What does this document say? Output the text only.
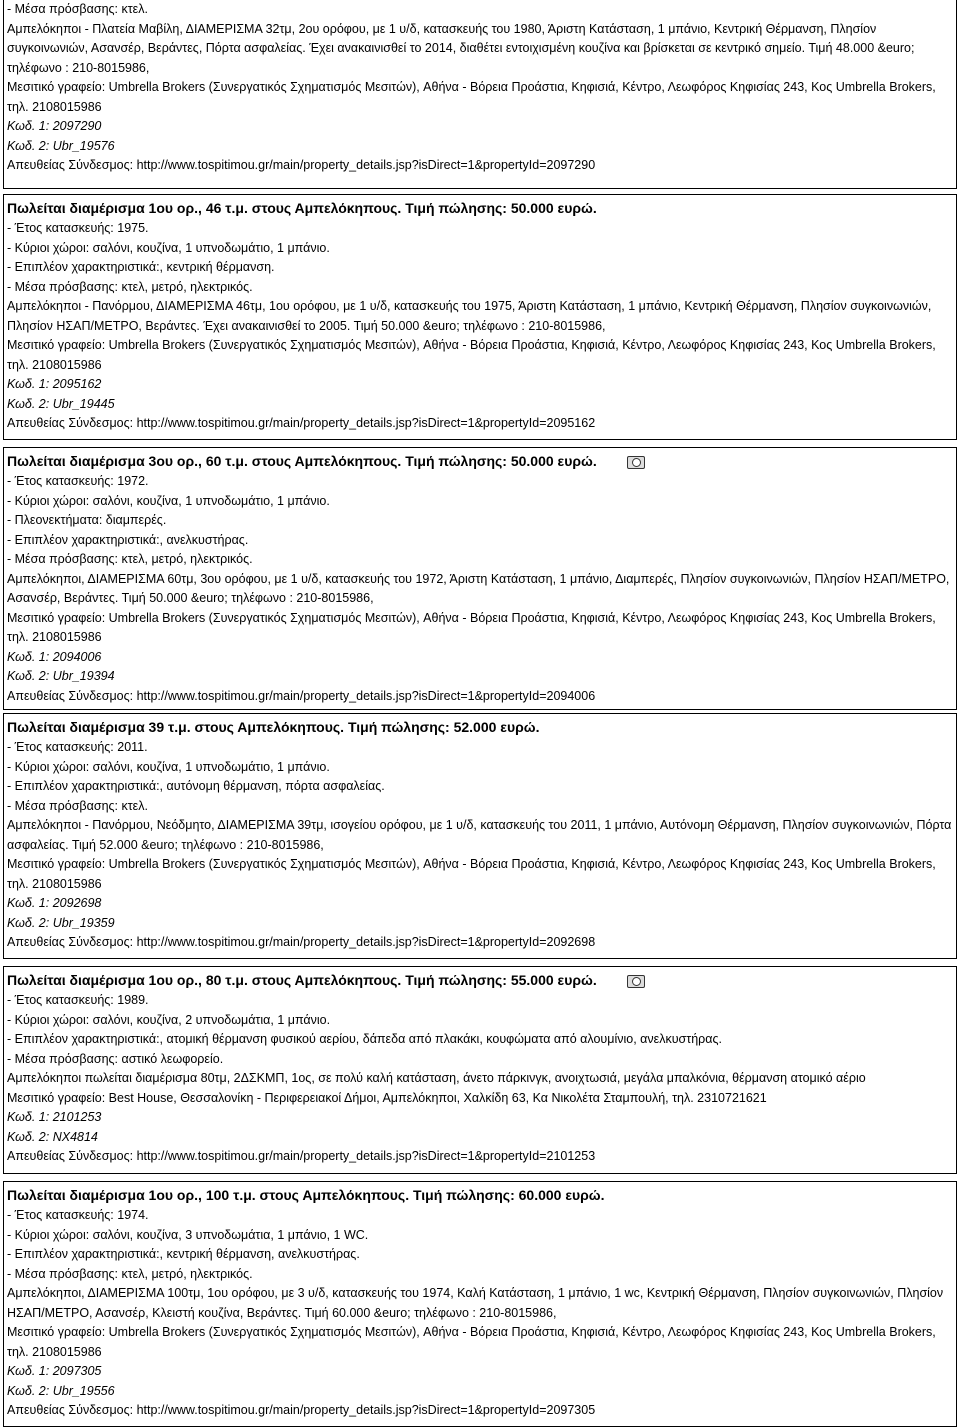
- Μέσα πρόσβασης: κτελ.
Αμπελόκηποι - Πλατεία Μαβίλη, ΔΙΑΜΕΡΙΣΜΑ 32τμ, 2ου ορόφου, με 1 υ/δ, κατασκευής του 1980, Άριστη Κατάσταση, 1 μπάνιο, Κεντρική Θέρμανση, Πλησίον συγκοινωνιών, Ασανσέρ, Βεράντες, Πόρτα ασφαλείας. Έχει ανακαινισθεί το 2014, διαθέτει εντοιχισμένη κουζίνα και βρίσκεται σε κεντρικό σημείο. Τιμή 48.000 &euro; τηλέφωνο : 210-8015986,
Μεσιτικό γραφείο: Umbrella Brokers (Συνεργατικός Σχηματισμός Μεσιτών), Αθήνα - Βόρεια Προάστια, Κηφισιά, Κέντρο, Λεωφόρος Κηφισίας 243, Κος Umbrella Brokers, τηλ. 2108015986
Κωδ. 1: 2097290
Κωδ. 2: Ubr_19576
Απευθείας Σύνδεσμος: http://www.tospitimou.gr/main/property_details.jsp?isDirect=1&propertyId=2097290
Πωλείται διαμέρισμα 1ου ορ., 46 τ.μ. στους Αμπελόκηπους. Τιμή πώλησης: 50.000 ευρώ.
- Έτος κατασκευής: 1975.
- Κύριοι χώροι: σαλόνι, κουζίνα, 1 υπνοδωμάτιο, 1 μπάνιο.
- Επιπλέον χαρακτηριστικά:, κεντρική θέρμανση.
- Μέσα πρόσβασης: κτελ, μετρό, ηλεκτρικός.
Αμπελόκηποι - Πανόρμου, ΔΙΑΜΕΡΙΣΜΑ 46τμ, 1ου ορόφου, με 1 υ/δ, κατασκευής του 1975, Άριστη Κατάσταση, 1 μπάνιο, Κεντρική Θέρμανση, Πλησίον συγκοινωνιών, Πλησίον ΗΣΑΠ/ΜΕΤΡΟ, Βεράντες. Έχει ανακαινισθεί το 2005. Τιμή 50.000 &euro; τηλέφωνο : 210-8015986,
Μεσιτικό γραφείο: Umbrella Brokers (Συνεργατικός Σχηματισμός Μεσιτών), Αθήνα - Βόρεια Προάστια, Κηφισιά, Κέντρο, Λεωφόρος Κηφισίας 243, Κος Umbrella Brokers, τηλ. 2108015986
Κωδ. 1: 2095162
Κωδ. 2: Ubr_19445
Απευθείας Σύνδεσμος: http://www.tospitimou.gr/main/property_details.jsp?isDirect=1&propertyId=2095162
Πωλείται διαμέρισμα 3ου ορ., 60 τ.μ. στους Αμπελόκηπους. Τιμή πώλησης: 50.000 ευρώ.
- Έτος κατασκευής: 1972.
- Κύριοι χώροι: σαλόνι, κουζίνα, 1 υπνοδωμάτιο, 1 μπάνιο.
- Πλεονεκτήματα: διαμπερές.
- Επιπλέον χαρακτηριστικά:, ανελκυστήρας.
- Μέσα πρόσβασης: κτελ, μετρό, ηλεκτρικός.
Αμπελόκηποι, ΔΙΑΜΕΡΙΣΜΑ 60τμ, 3ου ορόφου, με 1 υ/δ, κατασκευής του 1972, Άριστη Κατάσταση, 1 μπάνιο, Διαμπερές, Πλησίον συγκοινωνιών, Πλησίον ΗΣΑΠ/ΜΕΤΡΟ, Ασανσέρ, Βεράντες. Τιμή 50.000 &euro; τηλέφωνο : 210-8015986,
Μεσιτικό γραφείο: Umbrella Brokers (Συνεργατικός Σχηματισμός Μεσιτών), Αθήνα - Βόρεια Προάστια, Κηφισιά, Κέντρο, Λεωφόρος Κηφισίας 243, Κος Umbrella Brokers, τηλ. 2108015986
Κωδ. 1: 2094006
Κωδ. 2: Ubr_19394
Απευθείας Σύνδεσμος: http://www.tospitimou.gr/main/property_details.jsp?isDirect=1&propertyId=2094006
Πωλείται διαμέρισμα 39 τ.μ. στους Αμπελόκηπους. Τιμή πώλησης: 52.000 ευρώ.
- Έτος κατασκευής: 2011.
- Κύριοι χώροι: σαλόνι, κουζίνα, 1 υπνοδωμάτιο, 1 μπάνιο.
- Επιπλέον χαρακτηριστικά:, αυτόνομη θέρμανση, πόρτα ασφαλείας.
- Μέσα πρόσβασης: κτελ.
Αμπελόκηποι - Πανόρμου, Νεόδμητο, ΔΙΑΜΕΡΙΣΜΑ 39τμ, ισογείου ορόφου, με 1 υ/δ, κατασκευής του 2011, 1 μπάνιο, Αυτόνομη Θέρμανση, Πλησίον συγκοινωνιών, Πόρτα ασφαλείας. Τιμή 52.000 &euro; τηλέφωνο : 210-8015986,
Μεσιτικό γραφείο: Umbrella Brokers (Συνεργατικός Σχηματισμός Μεσιτών), Αθήνα - Βόρεια Προάστια, Κηφισιά, Κέντρο, Λεωφόρος Κηφισίας 243, Κος Umbrella Brokers, τηλ. 2108015986
Κωδ. 1: 2092698
Κωδ. 2: Ubr_19359
Απευθείας Σύνδεσμος: http://www.tospitimou.gr/main/property_details.jsp?isDirect=1&propertyId=2092698
Πωλείται διαμέρισμα 1ου ορ., 80 τ.μ. στους Αμπελόκηπους. Τιμή πώλησης: 55.000 ευρώ.
- Έτος κατασκευής: 1989.
- Κύριοι χώροι: σαλόνι, κουζίνα, 2 υπνοδωμάτια, 1 μπάνιο.
- Επιπλέον χαρακτηριστικά:, ατομική θέρμανση φυσικού αερίου, δάπεδα από πλακάκι, κουφώματα από αλουμίνιο, ανελκυστήρας.
- Μέσα πρόσβασης: αστικό λεωφορείο.
Αμπελόκηποι πωλείται διαμέρισμα 80τμ, 2ΔΣΚΜΠ, 1ος, σε πολύ καλή κατάσταση, άνετο πάρκινγκ, ανοιχτωσιά, μεγάλα μπαλκόνια, θέρμανση ατομικό αέριο
Μεσιτικό γραφείο: Best House, Θεσσαλονίκη - Περιφερειακοί Δήμοι, Αμπελόκηποι, Χαλκίδη 63, Κα Νικολέτα Σταμπουλή, τηλ. 2310721621
Κωδ. 1: 2101253
Κωδ. 2: NX4814
Απευθείας Σύνδεσμος: http://www.tospitimou.gr/main/property_details.jsp?isDirect=1&propertyId=2101253
Πωλείται διαμέρισμα 1ου ορ., 100 τ.μ. στους Αμπελόκηπους. Τιμή πώλησης: 60.000 ευρώ.
- Έτος κατασκευής: 1974.
- Κύριοι χώροι: σαλόνι, κουζίνα, 3 υπνοδωμάτια, 1 μπάνιο, 1 WC.
- Επιπλέον χαρακτηριστικά:, κεντρική θέρμανση, ανελκυστήρας.
- Μέσα πρόσβασης: κτελ, μετρό, ηλεκτρικός.
Αμπελόκηποι, ΔΙΑΜΕΡΙΣΜΑ 100τμ, 1ου ορόφου, με 3 υ/δ, κατασκευής του 1974, Καλή Κατάσταση, 1 μπάνιο, 1 wc, Κεντρική Θέρμανση, Πλησίον συγκοινωνιών, Πλησίον ΗΣΑΠ/ΜΕΤΡΟ, Ασανσέρ, Κλειστή κουζίνα, Βεράντες. Τιμή 60.000 &euro; τηλέφωνο : 210-8015986,
Μεσιτικό γραφείο: Umbrella Brokers (Συνεργατικός Σχηματισμός Μεσιτών), Αθήνα - Βόρεια Προάστια, Κηφισιά, Κέντρο, Λεωφόρος Κηφισίας 243, Κος Umbrella Brokers, τηλ. 2108015986
Κωδ. 1: 2097305
Κωδ. 2: Ubr_19556
Απευθείας Σύνδεσμος: http://www.tospitimou.gr/main/property_details.jsp?isDirect=1&propertyId=2097305
